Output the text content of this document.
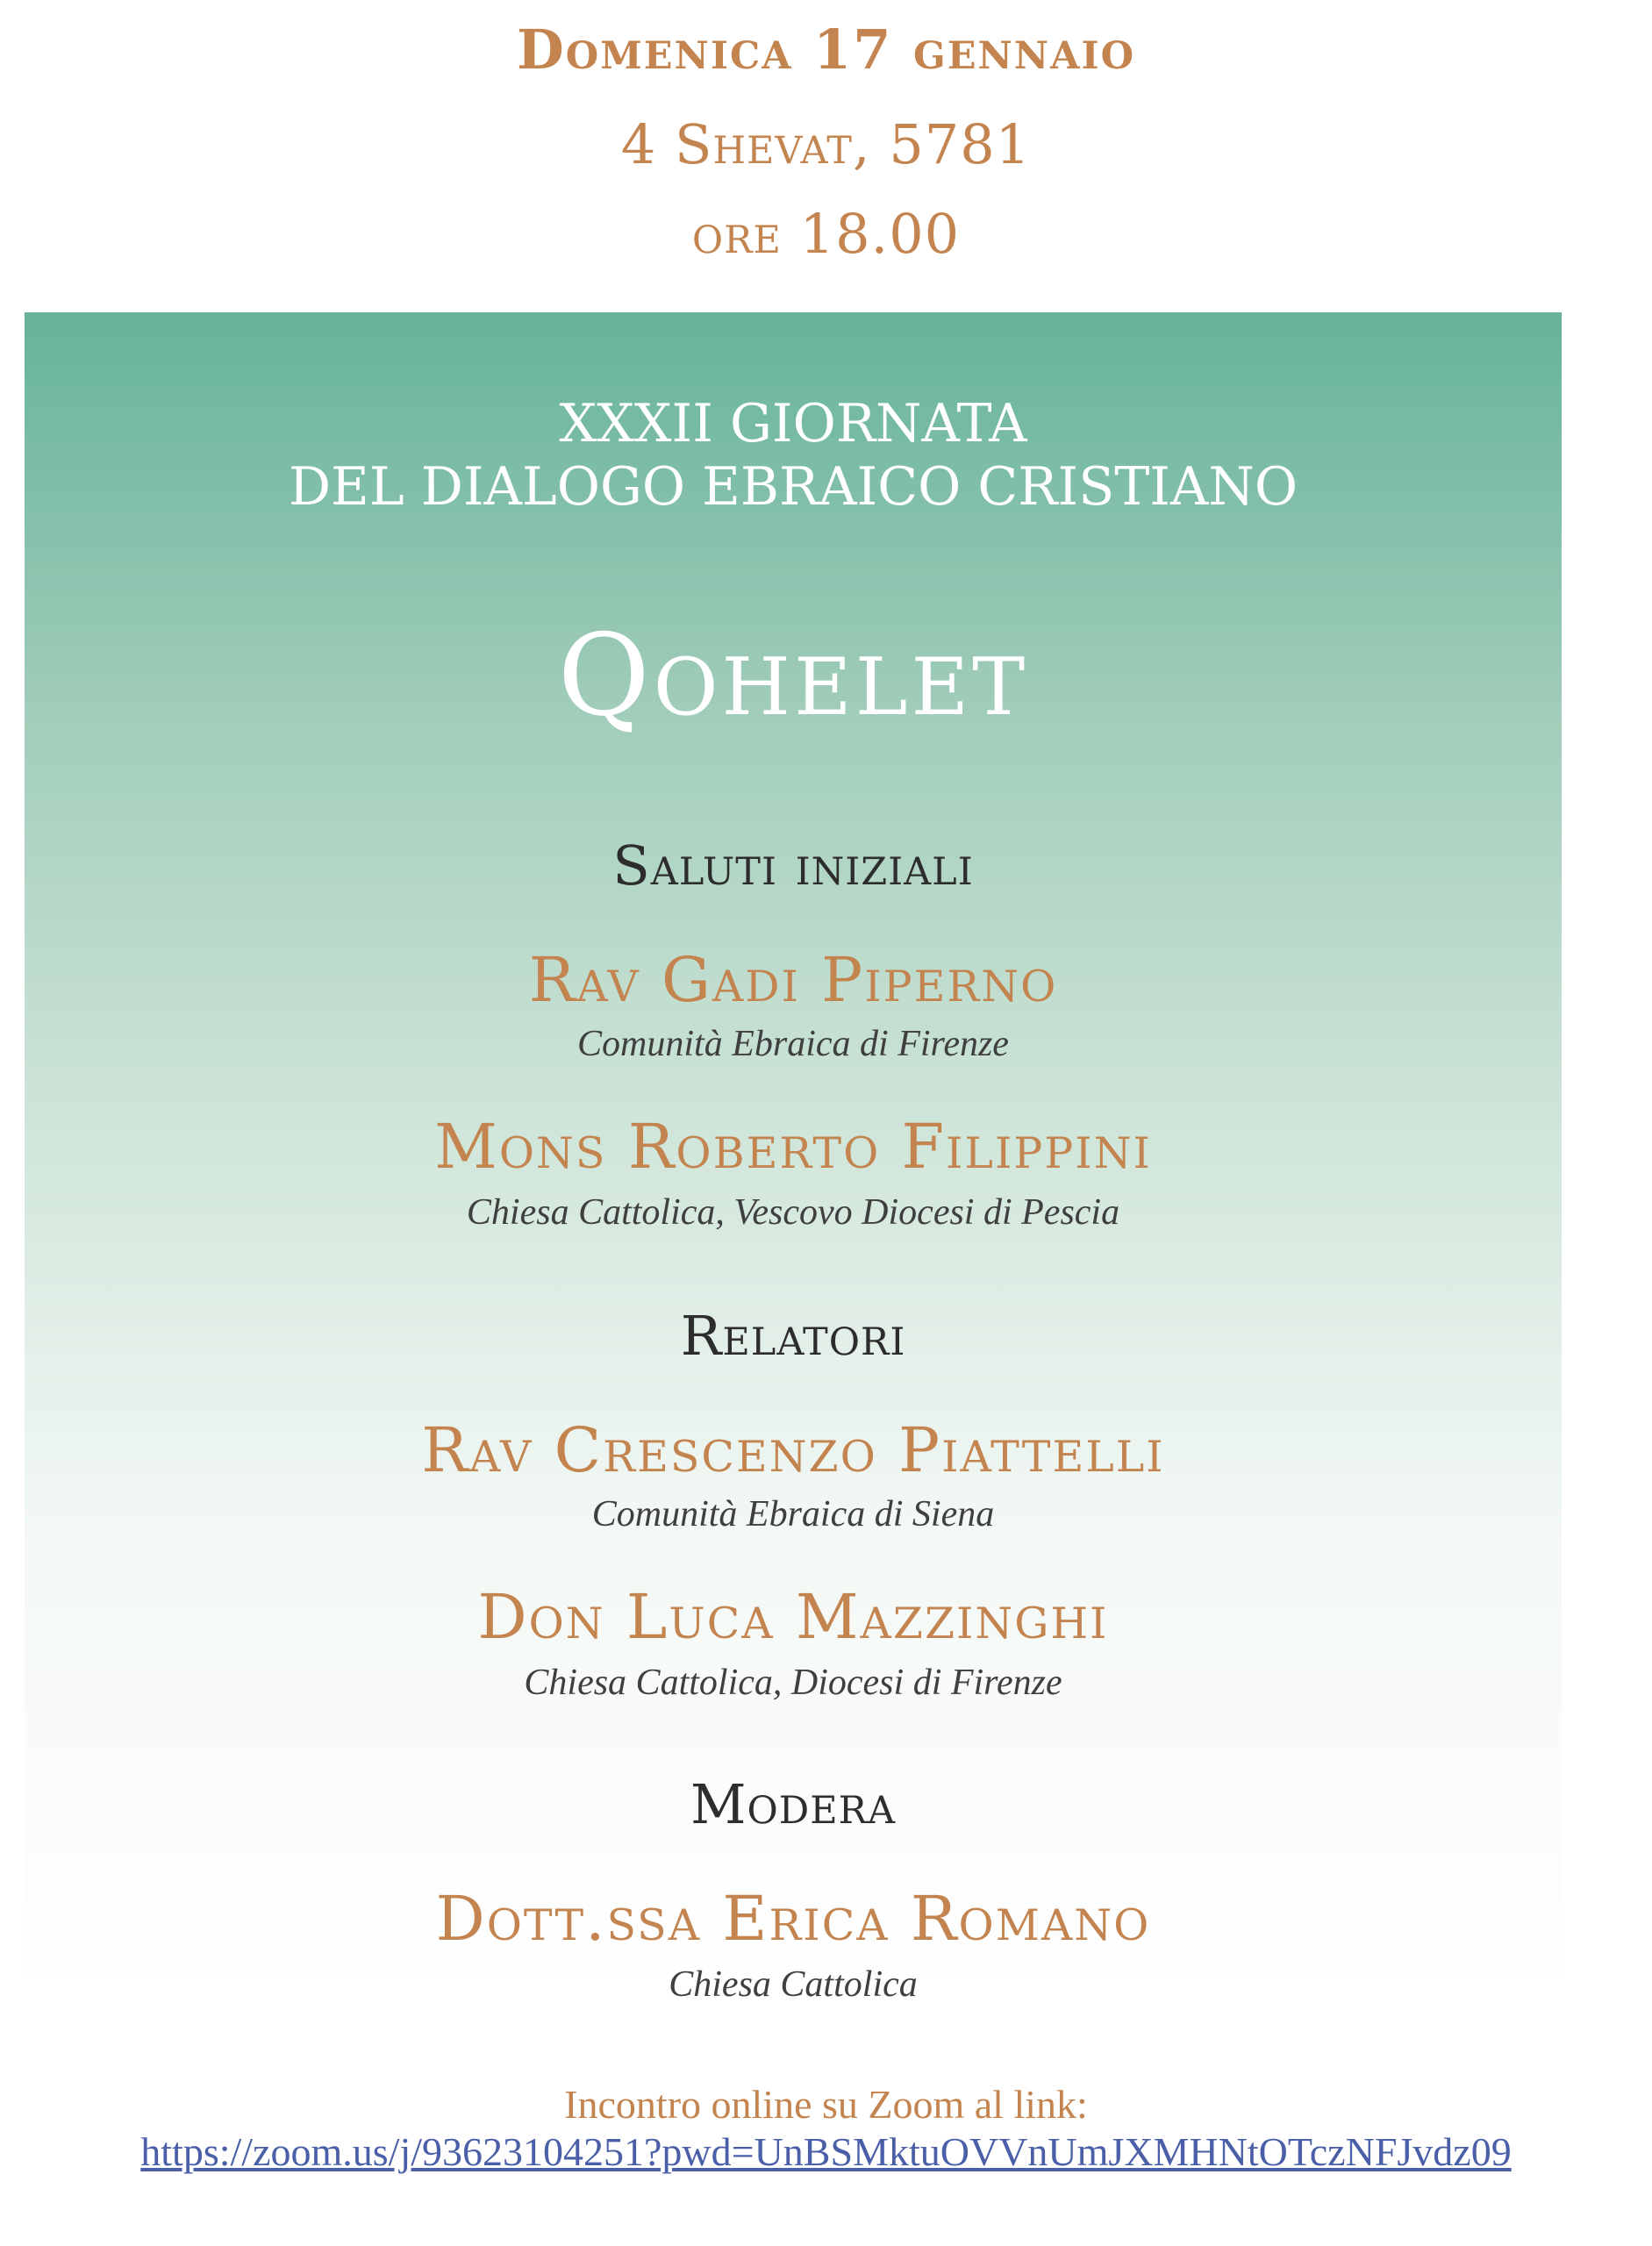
Domenica 17 gennaio
4 Shevat, 5781
ore 18.00
XXXII GIORNATA
DEL DIALOGO EBRAICO CRISTIANO
Qohelet
Saluti iniziali
Rav Gadi Piperno
Comunità Ebraica di Firenze
Mons Roberto Filippini
Chiesa Cattolica, Vescovo Diocesi di Pescia
Relatori
Rav Crescenzo Piattelli
Comunità Ebraica di Siena
Don Luca Mazzinghi
Chiesa Cattolica, Diocesi di Firenze
Modera
Dott.ssa Erica Romano
Chiesa Cattolica
Incontro online su Zoom al link:
https://zoom.us/j/93623104251?pwd=UnBSMktuOVVnUmJXMHNtOTczNFJvdz09
